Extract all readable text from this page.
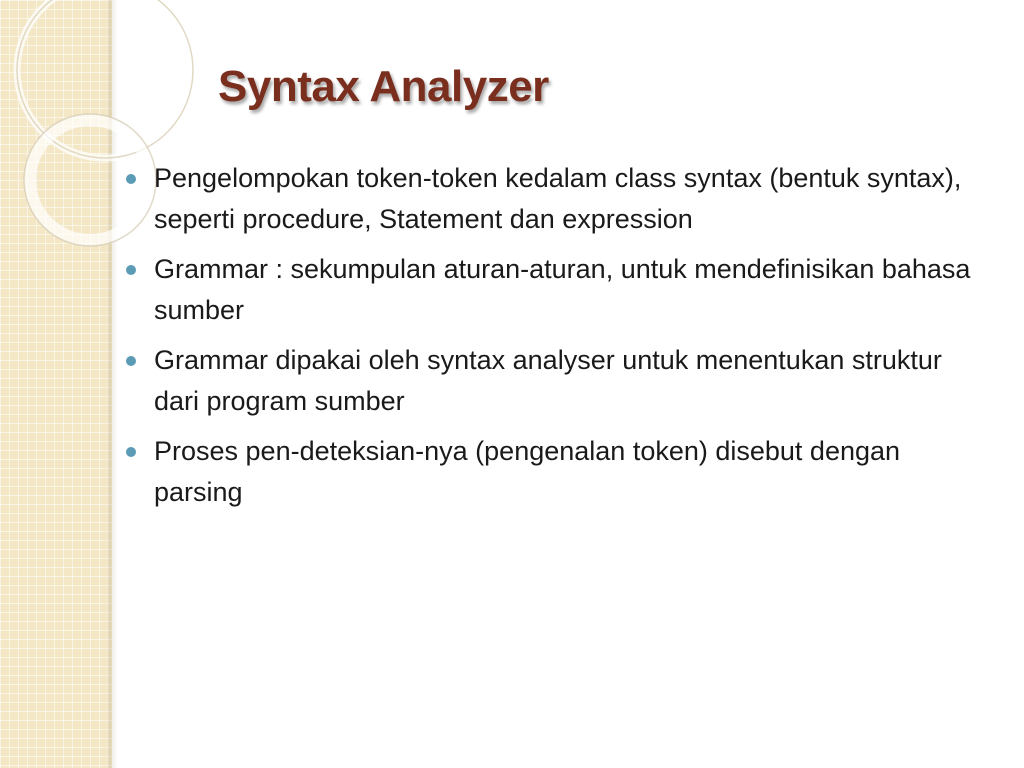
Syntax Analyzer
Pengelompokan token-token kedalam class syntax (bentuk syntax), seperti procedure, Statement dan expression
Grammar : sekumpulan aturan-aturan, untuk mendefinisikan bahasa sumber
Grammar dipakai oleh syntax analyser untuk menentukan struktur dari program sumber
Proses pen-deteksian-nya (pengenalan token) disebut dengan parsing
